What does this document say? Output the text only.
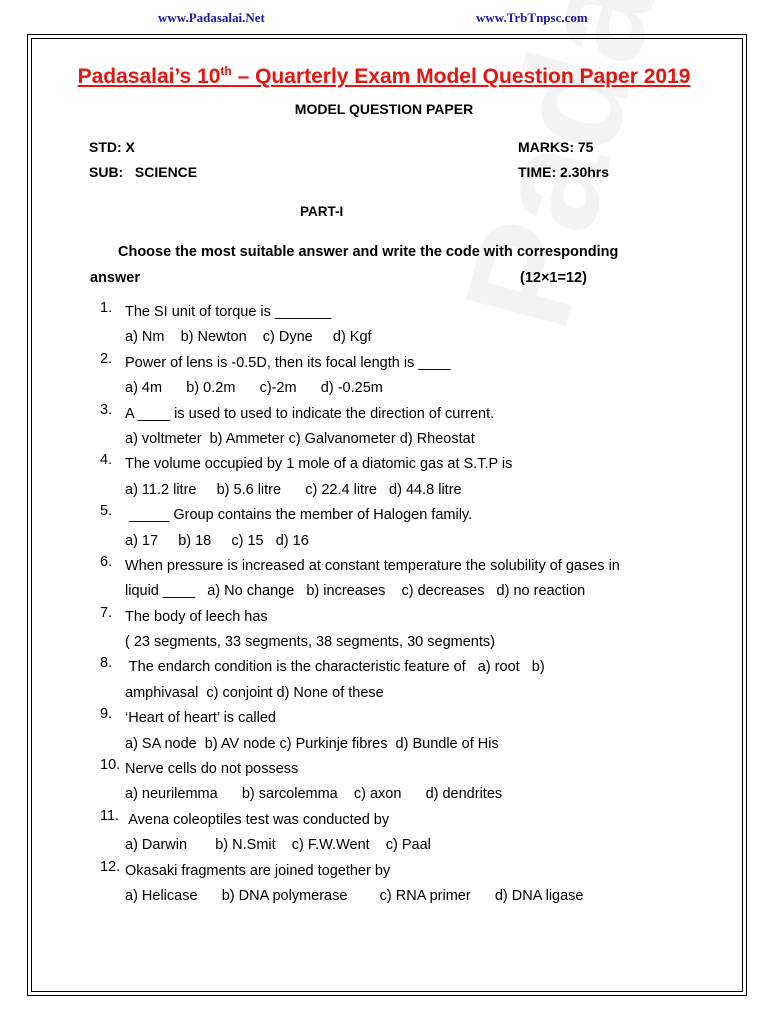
www.Padasalai.Net	www.TrbTnpsc.com
Padasalai’s 10th – Quarterly Exam Model Question Paper 2019
MODEL QUESTION PAPER
STD: X	MARKS: 75
SUB:   SCIENCE	TIME: 2.30hrs
PART-I
Choose the most suitable answer and write the code with corresponding
answer	(12×1=12)
1. The SI unit of torque is _______
a) Nm    b) Newton    c) Dyne     d) Kgf
2. Power of lens is -0.5D, then its focal length is ____
a) 4m      b) 0.2m      c)-2m      d) -0.25m
3. A ____ is used to used to indicate the direction of current.
a) voltmeter  b) Ammeter c) Galvanometer d) Rheostat
4. The volume occupied by 1 mole of a diatomic gas at S.T.P is
a) 11.2 litre     b) 5.6 litre      c) 22.4 litre   d) 44.8 litre
5. _____ Group contains the member of Halogen family.
a) 17     b) 18     c) 15   d) 16
6. When pressure is increased at constant temperature the solubility of gases in
liquid ____   a) No change   b) increases    c) decreases   d) no reaction
7. The body of leech has
( 23 segments, 33 segments, 38 segments, 30 segments)
8. The endarch condition is the characteristic feature of   a) root   b)
amphivasal  c) conjoint d) None of these
9. ‘Heart of heart’ is called
a) SA node  b) AV node c) Purkinje fibres  d) Bundle of His
10. Nerve cells do not possess
a) neurilemma      b) sarcolemma    c) axon      d) dendrites
11. Avena coleoptiles test was conducted by
a) Darwin       b) N.Smit    c) F.W.Went    c) Paal
12. Okasaki fragments are joined together by
a) Helicase      b) DNA polymerase        c) RNA primer      d) DNA ligase
